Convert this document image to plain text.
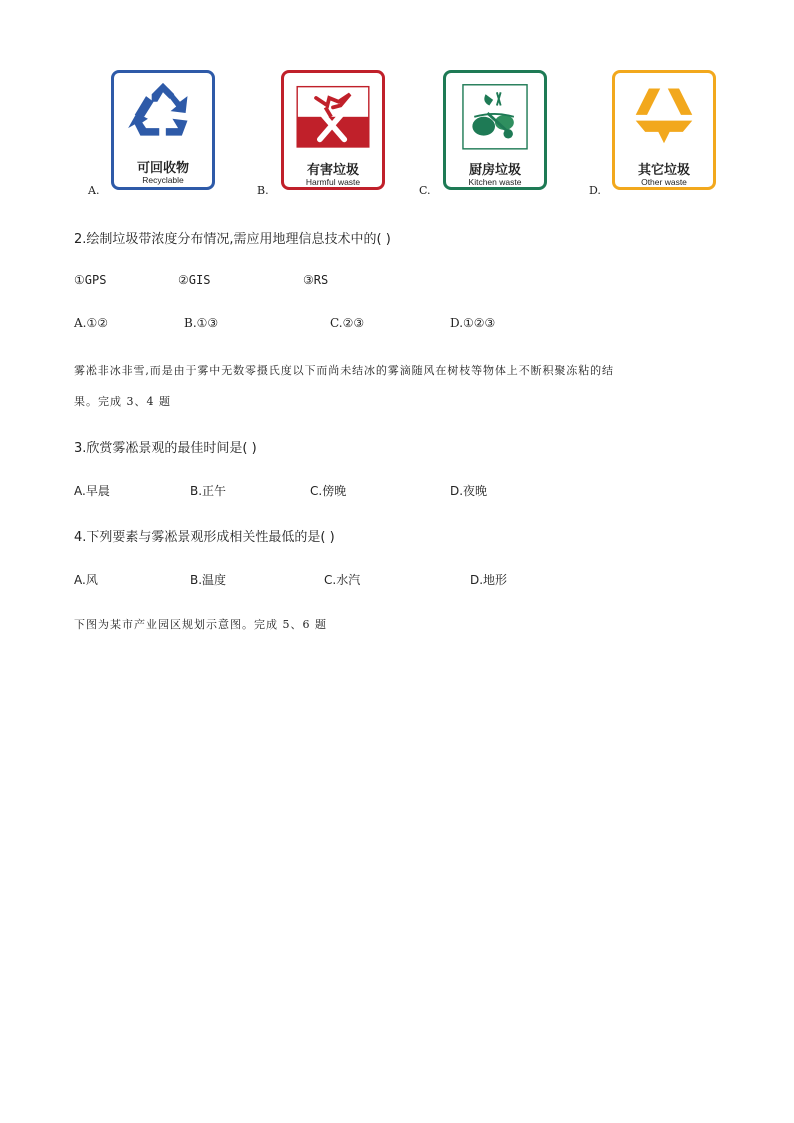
A.
可回收物
Recyclable
B.
有害垃圾
Harmful waste
C.
厨房垃圾
Kitchen waste
D.
其它垃圾
Other waste
2.绘制垃圾带浓度分布情况,需应用地理信息技术中的( )
①GPS	②GIS	③RS
A.①②	B.①③	C.②③	D.①②③
雾凇非冰非雪,而是由于雾中无数零摄氏度以下而尚未结冰的雾滴随风在树枝等物体上不断积聚冻粘的结
果。完成 3、4 题
3.欣赏雾凇景观的最佳时间是( )
A.早晨	B.正午	C.傍晚	D.夜晚
4.下列要素与雾凇景观形成相关性最低的是( )
A.风	B.温度	C.水汽	D.地形
下图为某市产业园区规划示意图。完成 5、6 题
